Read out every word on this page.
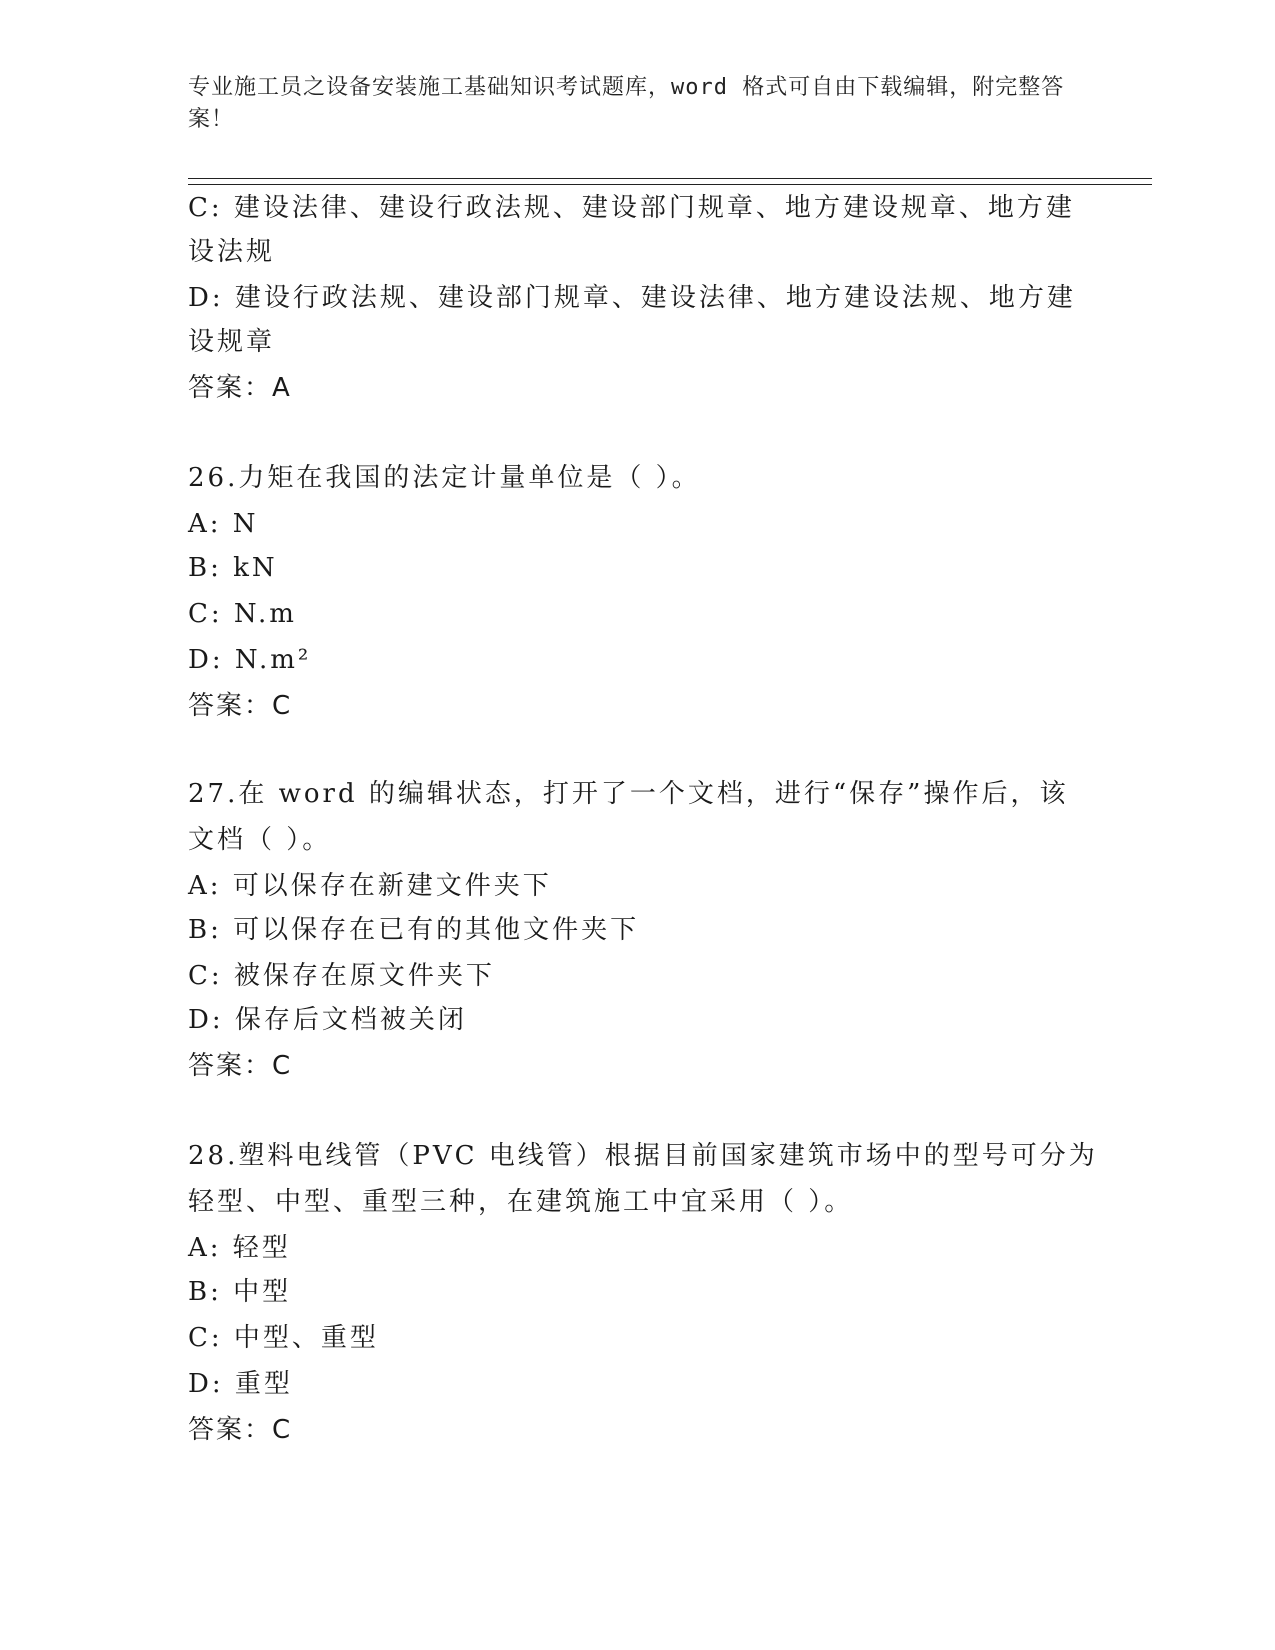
专业施工员之设备安装施工基础知识考试题库，word 格式可自由下载编辑，附完整答案！
C: 建设法律、建设行政法规、建设部门规章、地方建设规章、地方建
设法规
D: 建设行政法规、建设部门规章、建设法律、地方建设法规、地方建
设规章
答案：A
26.力矩在我国的法定计量单位是（ ）。
A: N
B: kN
C: N.m
D: N.m²
答案：C
27.在 word 的编辑状态，打开了一个文档，进行“保存”操作后，该
文档（ ）。
A: 可以保存在新建文件夹下
B: 可以保存在已有的其他文件夹下
C: 被保存在原文件夹下
D: 保存后文档被关闭
答案：C
28.塑料电线管（PVC 电线管）根据目前国家建筑市场中的型号可分为
轻型、中型、重型三种，在建筑施工中宜采用（ ）。
A: 轻型
B: 中型
C: 中型、重型
D: 重型
答案：C
